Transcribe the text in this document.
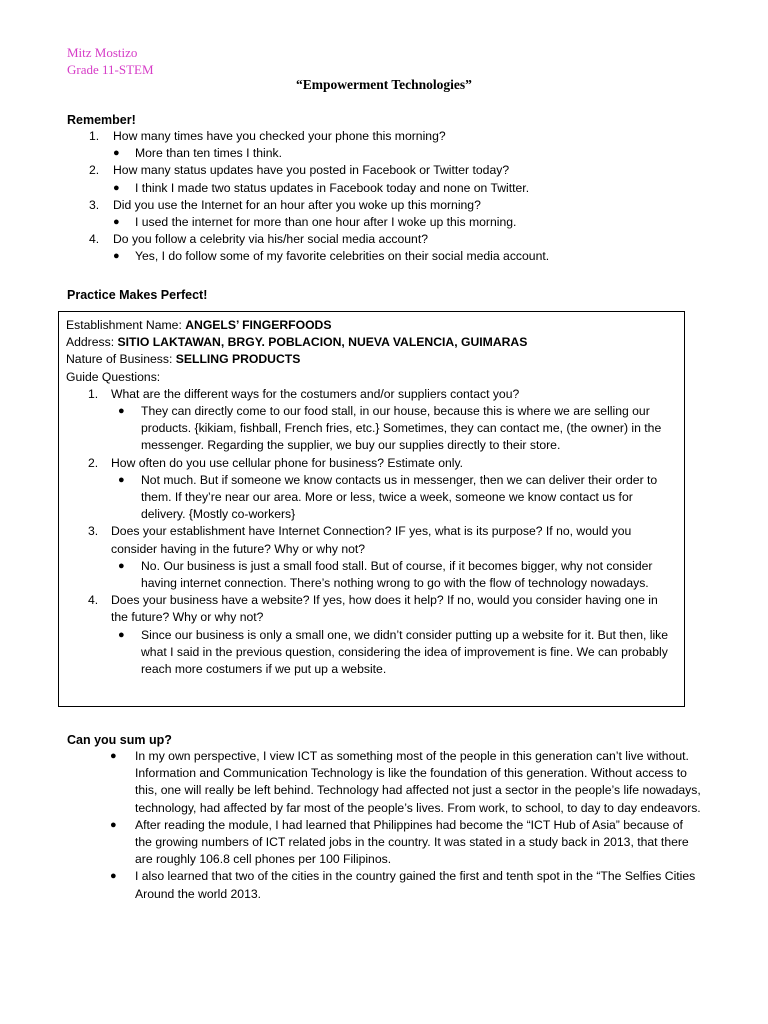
Mitz Mostizo
Grade 11-STEM
“Empowerment Technologies”
Remember!
1. How many times have you checked your phone this morning?
● More than ten times I think.
2. How many status updates have you posted in Facebook or Twitter today?
● I think I made two status updates in Facebook today and none on Twitter.
3. Did you use the Internet for an hour after you woke up this morning?
● I used the internet for more than one hour after I woke up this morning.
4. Do you follow a celebrity via his/her social media account?
● Yes, I do follow some of my favorite celebrities on their social media account.
Practice Makes Perfect!
Establishment Name: ANGELS’ FINGERFOODS
Address: SITIO LAKTAWAN, BRGY. POBLACION, NUEVA VALENCIA, GUIMARAS
Nature of Business: SELLING PRODUCTS
Guide Questions:
1. What are the different ways for the costumers and/or suppliers contact you?
● They can directly come to our food stall, in our house, because this is where we are selling our products. {kikiam, fishball, French fries, etc.} Sometimes, they can contact me, (the owner) in the messenger. Regarding the supplier, we buy our supplies directly to their store.
2. How often do you use cellular phone for business? Estimate only.
● Not much. But if someone we know contacts us in messenger, then we can deliver their order to them. If they’re near our area. More or less, twice a week, someone we know contact us for delivery. {Mostly co-workers}
3. Does your establishment have Internet Connection? IF yes, what is its purpose? If no, would you consider having in the future? Why or why not?
● No. Our business is just a small food stall. But of course, if it becomes bigger, why not consider having internet connection. There’s nothing wrong to go with the flow of technology nowadays.
4. Does your business have a website? If yes, how does it help? If no, would you consider having one in the future? Why or why not?
● Since our business is only a small one, we didn’t consider putting up a website for it. But then, like what I said in the previous question, considering the idea of improvement is fine. We can probably reach more costumers if we put up a website.
Can you sum up?
● In my own perspective, I view ICT as something most of the people in this generation can’t live without. Information and Communication Technology is like the foundation of this generation. Without access to this, one will really be left behind. Technology had affected not just a sector in the people’s life nowadays, technology, had affected by far most of the people’s lives. From work, to school, to day to day endeavors.
● After reading the module, I had learned that Philippines had become the “ICT Hub of Asia” because of the growing numbers of ICT related jobs in the country. It was stated in a study back in 2013, that there are roughly 106.8 cell phones per 100 Filipinos.
● I also learned that two of the cities in the country gained the first and tenth spot in the “The Selfies Cities Around the world 2013.
